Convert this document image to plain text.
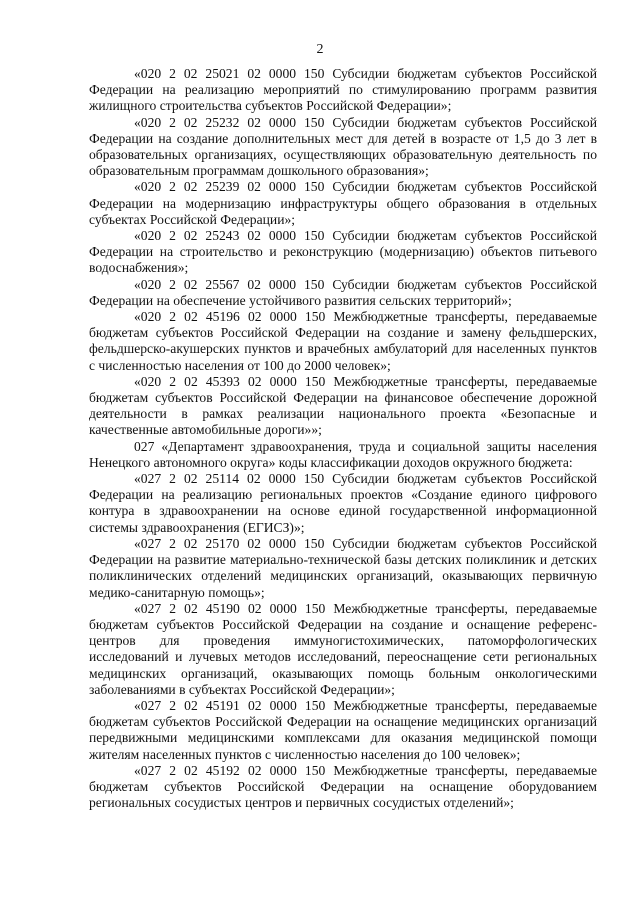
2

«020 2 02 25021 02 0000 150 Субсидии бюджетам субъектов Российской Федерации на реализацию мероприятий по стимулированию программ развития жилищного строительства субъектов Российской Федерации»;

«020 2 02 25232 02 0000 150 Субсидии бюджетам субъектов Российской Федерации на создание дополнительных мест для детей в возрасте от 1,5 до 3 лет в образовательных организациях, осуществляющих образовательную деятельность по образовательным программам дошкольного образования»;

«020 2 02 25239 02 0000 150 Субсидии бюджетам субъектов Российской Федерации на модернизацию инфраструктуры общего образования в отдельных субъектах Российской Федерации»;

«020 2 02 25243 02 0000 150 Субсидии бюджетам субъектов Российской Федерации на строительство и реконструкцию (модернизацию) объектов питьевого водоснабжения»;

«020 2 02 25567 02 0000 150 Субсидии бюджетам субъектов Российской Федерации на обеспечение устойчивого развития сельских территорий»;

«020 2 02 45196 02 0000 150 Межбюджетные трансферты, передаваемые бюджетам субъектов Российской Федерации на создание и замену фельдшерских, фельдшерско-акушерских пунктов и врачебных амбулаторий для населенных пунктов с численностью населения от 100 до 2000 человек»;

«020 2 02 45393 02 0000 150 Межбюджетные трансферты, передаваемые бюджетам субъектов Российской Федерации на финансовое обеспечение дорожной деятельности в рамках реализации национального проекта «Безопасные и качественные автомобильные дороги»»;

027 «Департамент здравоохранения, труда и социальной защиты населения Ненецкого автономного округа» коды классификации доходов окружного бюджета:

«027 2 02 25114 02 0000 150 Субсидии бюджетам субъектов Российской Федерации на реализацию региональных проектов «Создание единого цифрового контура в здравоохранении на основе единой государственной информационной системы здравоохранения (ЕГИСЗ)»;

«027 2 02 25170 02 0000 150 Субсидии бюджетам субъектов Российской Федерации на развитие материально-технической базы детских поликлиник и детских поликлинических отделений медицинских организаций, оказывающих первичную медико-санитарную помощь»;

«027 2 02 45190 02 0000 150 Межбюджетные трансферты, передаваемые бюджетам субъектов Российской Федерации на создание и оснащение референс-центров для проведения иммуногистохимических, патоморфологических исследований и лучевых методов исследований, переоснащение сети региональных медицинских организаций, оказывающих помощь больным онкологическими заболеваниями в субъектах Российской Федерации»;

«027 2 02 45191 02 0000 150 Межбюджетные трансферты, передаваемые бюджетам субъектов Российской Федерации на оснащение медицинских организаций передвижными медицинскими комплексами для оказания медицинской помощи жителям населенных пунктов с численностью населения до 100 человек»;

«027 2 02 45192 02 0000 150 Межбюджетные трансферты, передаваемые бюджетам субъектов Российской Федерации на оснащение оборудованием региональных сосудистых центров и первичных сосудистых отделений»;
